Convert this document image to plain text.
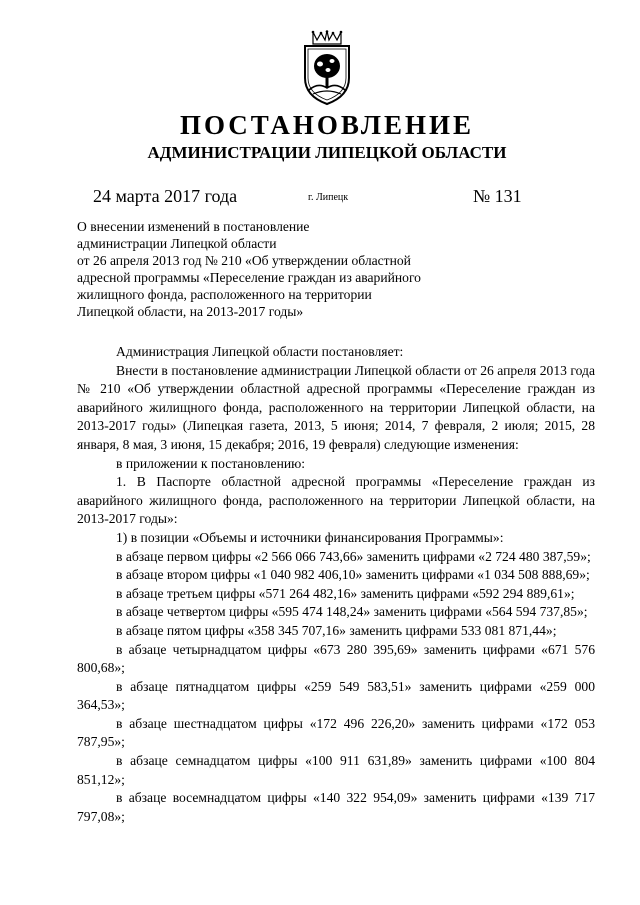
ПОСТАНОВЛЕНИЕ
АДМИНИСТРАЦИИ ЛИПЕЦКОЙ ОБЛАСТИ
24 марта 2017 года	г. Липецк	№ 131
О внесении изменений в постановление
администрации Липецкой области
от 26 апреля 2013 год № 210 «Об утверждении областной
адресной программы «Переселение граждан из аварийного
жилищного фонда, расположенного на территории
Липецкой области, на 2013-2017 годы»

Администрация Липецкой области постановляет:

Внести в постановление администрации Липецкой области от 26 апреля 2013 года № 210 «Об утверждении областной адресной программы «Переселение граждан из аварийного жилищного фонда, расположенного на территории Липецкой области, на 2013-2017 годы» (Липецкая газета, 2013, 5 июня; 2014, 7 февраля, 2 июля; 2015, 28 января, 8 мая, 3 июня, 15 декабря; 2016, 19 февраля) следующие изменения:

в приложении к постановлению:

1. В Паспорте областной адресной программы «Переселение граждан из аварийного жилищного фонда, расположенного на территории Липецкой области, на 2013-2017 годы»:

1) в позиции «Объемы и источники финансирования Программы»:

в абзаце первом цифры «2 566 066 743,66» заменить цифрами «2 724 480 387,59»;

в абзаце втором цифры «1 040 982 406,10» заменить цифрами «1 034 508 888,69»;

в абзаце третьем цифры «571 264 482,16» заменить цифрами «592 294 889,61»;

в абзаце четвертом цифры «595 474 148,24» заменить цифрами «564 594 737,85»;

в абзаце пятом цифры «358 345 707,16» заменить цифрами 533 081 871,44»;

в абзаце четырнадцатом цифры «673 280 395,69» заменить цифрами «671 576 800,68»;

в абзаце пятнадцатом цифры «259 549 583,51» заменить цифрами «259 000 364,53»;

в абзаце шестнадцатом цифры «172 496 226,20» заменить цифрами «172 053 787,95»;

в абзаце семнадцатом цифры «100 911 631,89» заменить цифрами «100 804 851,12»;

в абзаце восемнадцатом цифры «140 322 954,09» заменить цифрами «139 717 797,08»;
